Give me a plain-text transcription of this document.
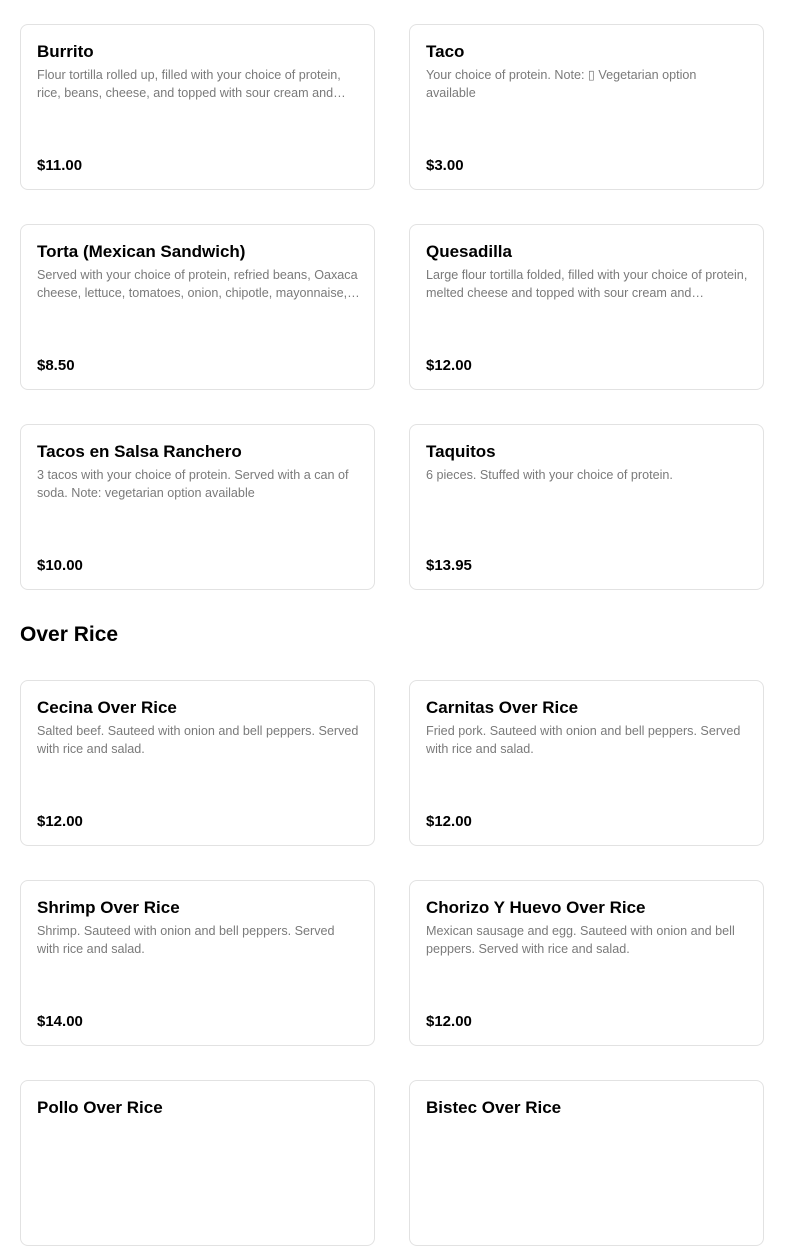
Burrito
Flour tortilla rolled up, filled with your choice of protein, rice, beans, cheese, and topped with sour cream and…
$11.00
Taco
Your choice of protein. Note: ▯ Vegetarian option available
$3.00
Torta (Mexican Sandwich)
Served with your choice of protein, refried beans, Oaxaca cheese, lettuce, tomatoes, onion, chipotle, mayonnaise,…
$8.50
Quesadilla
Large flour tortilla folded, filled with your choice of protein, melted cheese and topped with sour cream and…
$12.00
Tacos en Salsa Ranchero
3 tacos with your choice of protein. Served with a can of soda. Note: vegetarian option available
$10.00
Taquitos
6 pieces. Stuffed with your choice of protein.
$13.95
Over Rice
Cecina Over Rice
Salted beef. Sauteed with onion and bell peppers. Served with rice and salad.
$12.00
Carnitas Over Rice
Fried pork. Sauteed with onion and bell peppers. Served with rice and salad.
$12.00
Shrimp Over Rice
Shrimp. Sauteed with onion and bell peppers. Served with rice and salad.
$14.00
Chorizo Y Huevo Over Rice
Mexican sausage and egg. Sauteed with onion and bell peppers. Served with rice and salad.
$12.00
Pollo Over Rice	Bistec Over Rice
